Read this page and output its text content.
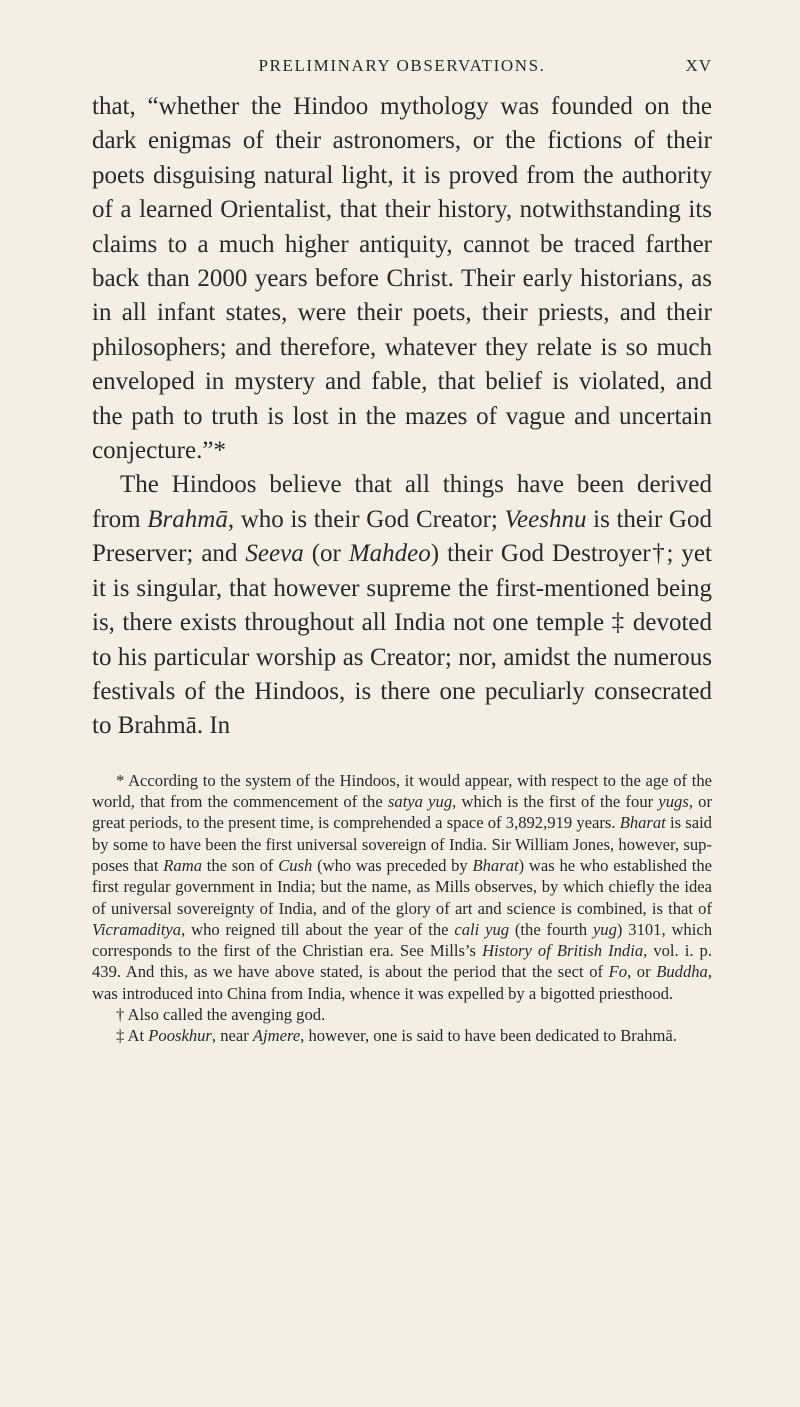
PRELIMINARY OBSERVATIONS.	XV

that, “whether the Hindoo mythology was founded on the dark enigmas of their astronomers, or the fictions of their poets disguising natural light, it is proved from the authority of a learned Orientalist, that their history, notwithstanding its claims to a much higher antiquity, cannot be traced farther back than 2000 years before Christ. Their early historians, as in all infant states, were their poets, their priests, and their philosophers; and therefore, whatever they relate is so much enveloped in mystery and fable, that belief is violated, and the path to truth is lost in the mazes of vague and uncertain conjecture.”*

The Hindoos believe that all things have been derived from Brahmā, who is their God Creator; Veeshnu is their God Preserver; and Seeva (or Mahdeo) their God Destroyer†; yet it is singular, that however supreme the first-mentioned being is, there exists throughout all India not one temple ‡ devoted to his particular worship as Creator; nor, amidst the numerous festivals of the Hindoos, is there one peculiarly consecrated to Brahmā. In

* According to the system of the Hindoos, it would appear, with respect to the age of the world, that from the commencement of the satya yug, which is the first of the four yugs, or great periods, to the present time, is comprehended a space of 3,892,919 years. Bharat is said by some to have been the first universal sovereign of India. Sir William Jones, however, supposes that Rama the son of Cush (who was preceded by Bharat) was he who established the first regular government in India; but the name, as Mills observes, by which chiefly the idea of universal sovereignty of India, and of the glory of art and science is combined, is that of Vicramaditya, who reigned till about the year of the cali yug (the fourth yug) 3101, which corresponds to the first of the Christian era. See Mills’s History of British India, vol. i. p. 439. And this, as we have above stated, is about the period that the sect of Fo, or Buddha, was introduced into China from India, whence it was expelled by a bigotted priesthood.

† Also called the avenging god.

‡ At Pooskhur, near Ajmere, however, one is said to have been dedicated to Brahmā.
